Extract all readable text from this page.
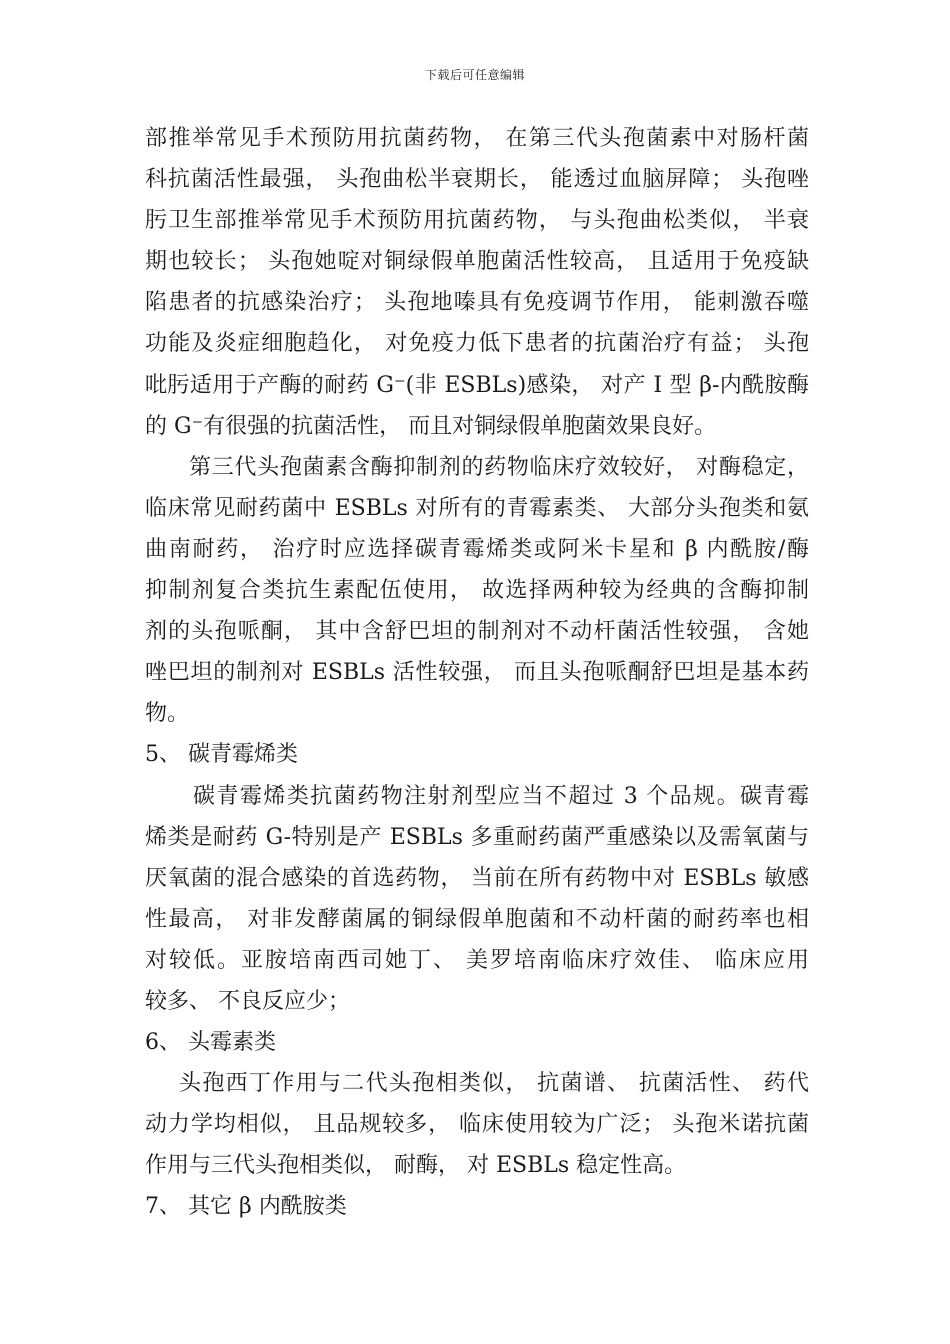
下载后可任意编辑
部推举常见手术预防用抗菌药物， 在第三代头孢菌素中对肠杆菌
科抗菌活性最强， 头孢曲松半衰期长， 能透过血脑屏障； 头孢唑
肟卫生部推举常见手术预防用抗菌药物， 与头孢曲松类似， 半衰
期也较长； 头孢她啶对铜绿假单胞菌活性较高， 且适用于免疫缺
陷患者的抗感染治疗； 头孢地嗪具有免疫调节作用， 能刺激吞噬
功能及炎症细胞趋化， 对免疫力低下患者的抗菌治疗有益； 头孢
吡肟适用于产酶的耐药 G⁻(非 ESBLs)感染， 对产 I 型 β-内酰胺酶
的 G⁻有很强的抗菌活性， 而且对铜绿假单胞菌效果良好。
第三代头孢菌素含酶抑制剂的药物临床疗效较好， 对酶稳定，
临床常见耐药菌中 ESBLs 对所有的青霉素类、 大部分头孢类和氨
曲南耐药， 治疗时应选择碳青霉烯类或阿米卡星和 β 内酰胺/酶
抑制剂复合类抗生素配伍使用， 故选择两种较为经典的含酶抑制
剂的头孢哌酮， 其中含舒巴坦的制剂对不动杆菌活性较强， 含她
唑巴坦的制剂对 ESBLs 活性较强， 而且头孢哌酮舒巴坦是基本药
物。
5、 碳青霉烯类
碳青霉烯类抗菌药物注射剂型应当不超过 3 个品规。碳青霉
烯类是耐药 G-特别是产 ESBLs 多重耐药菌严重感染以及需氧菌与
厌氧菌的混合感染的首选药物， 当前在所有药物中对 ESBLs 敏感
性最高， 对非发酵菌属的铜绿假单胞菌和不动杆菌的耐药率也相
对较低。亚胺培南西司她丁、 美罗培南临床疗效佳、 临床应用
较多、 不良反应少；
6、 头霉素类
头孢西丁作用与二代头孢相类似， 抗菌谱、 抗菌活性、 药代
动力学均相似， 且品规较多， 临床使用较为广泛； 头孢米诺抗菌
作用与三代头孢相类似， 耐酶， 对 ESBLs 稳定性高。
7、 其它 β 内酰胺类
